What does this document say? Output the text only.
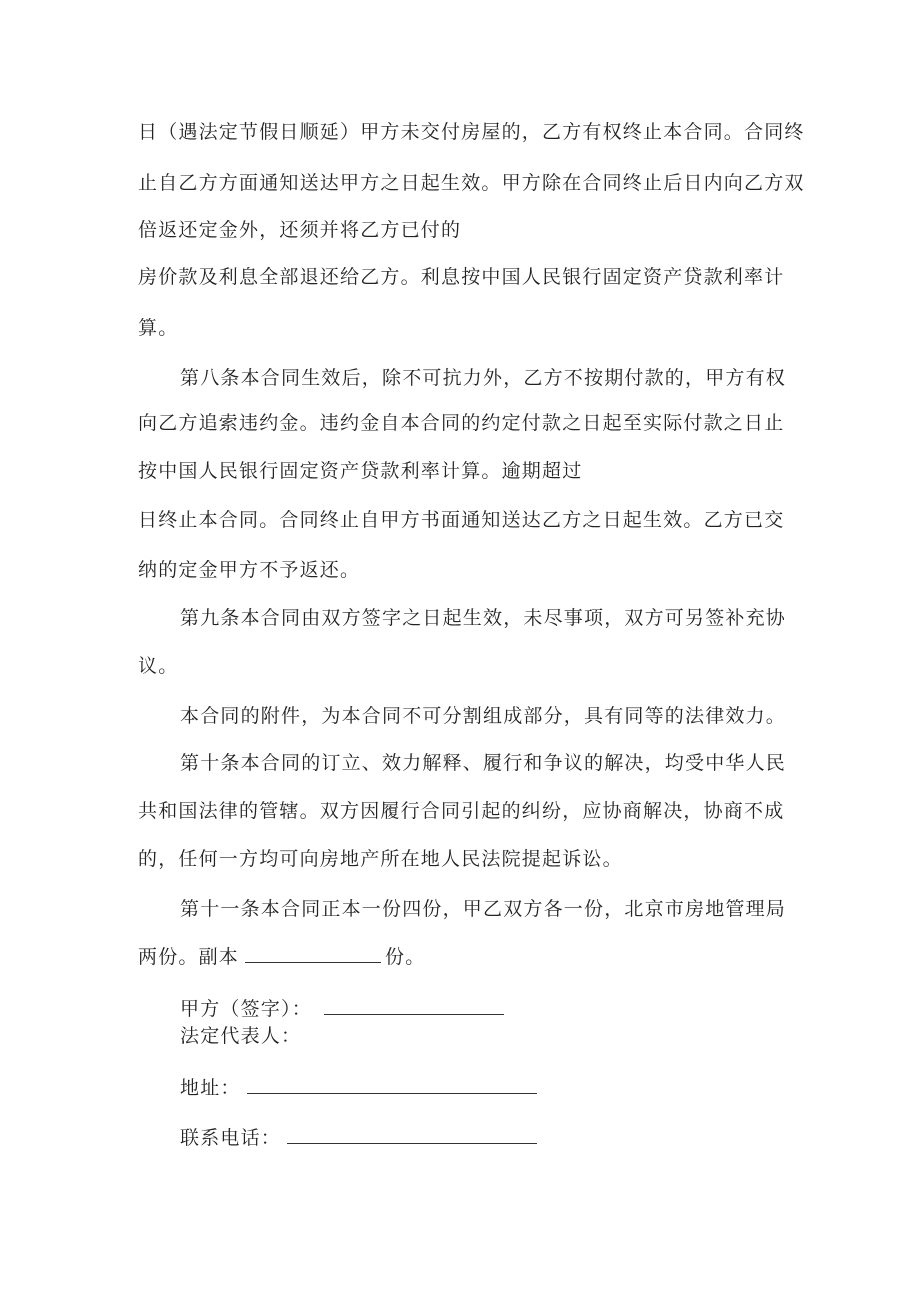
日（遇法定节假日顺延）甲方未交付房屋的，乙方有权终止本合同。合同终
止自乙方方面通知送达甲方之日起生效。甲方除在合同终止后日内向乙方双
倍返还定金外，还须并将乙方已付的
房价款及利息全部退还给乙方。利息按中国人民银行固定资产贷款利率计
算。
第八条本合同生效后，除不可抗力外，乙方不按期付款的，甲方有权
向乙方追索违约金。违约金自本合同的约定付款之日起至实际付款之日止
按中国人民银行固定资产贷款利率计算。逾期超过
日终止本合同。合同终止自甲方书面通知送达乙方之日起生效。乙方已交
纳的定金甲方不予返还。
第九条本合同由双方签字之日起生效，未尽事项，双方可另签补充协
议。
本合同的附件，为本合同不可分割组成部分，具有同等的法律效力。
第十条本合同的订立、效力解释、履行和争议的解决，均受中华人民
共和国法律的管辖。双方因履行合同引起的纠纷，应协商解决，协商不成
的，任何一方均可向房地产所在地人民法院提起诉讼。
第十一条本合同正本一份四份，甲乙双方各一份，北京市房地管理局
两份。副本	份。
甲方（签字）：
法定代表人：
地址：
联系电话：
